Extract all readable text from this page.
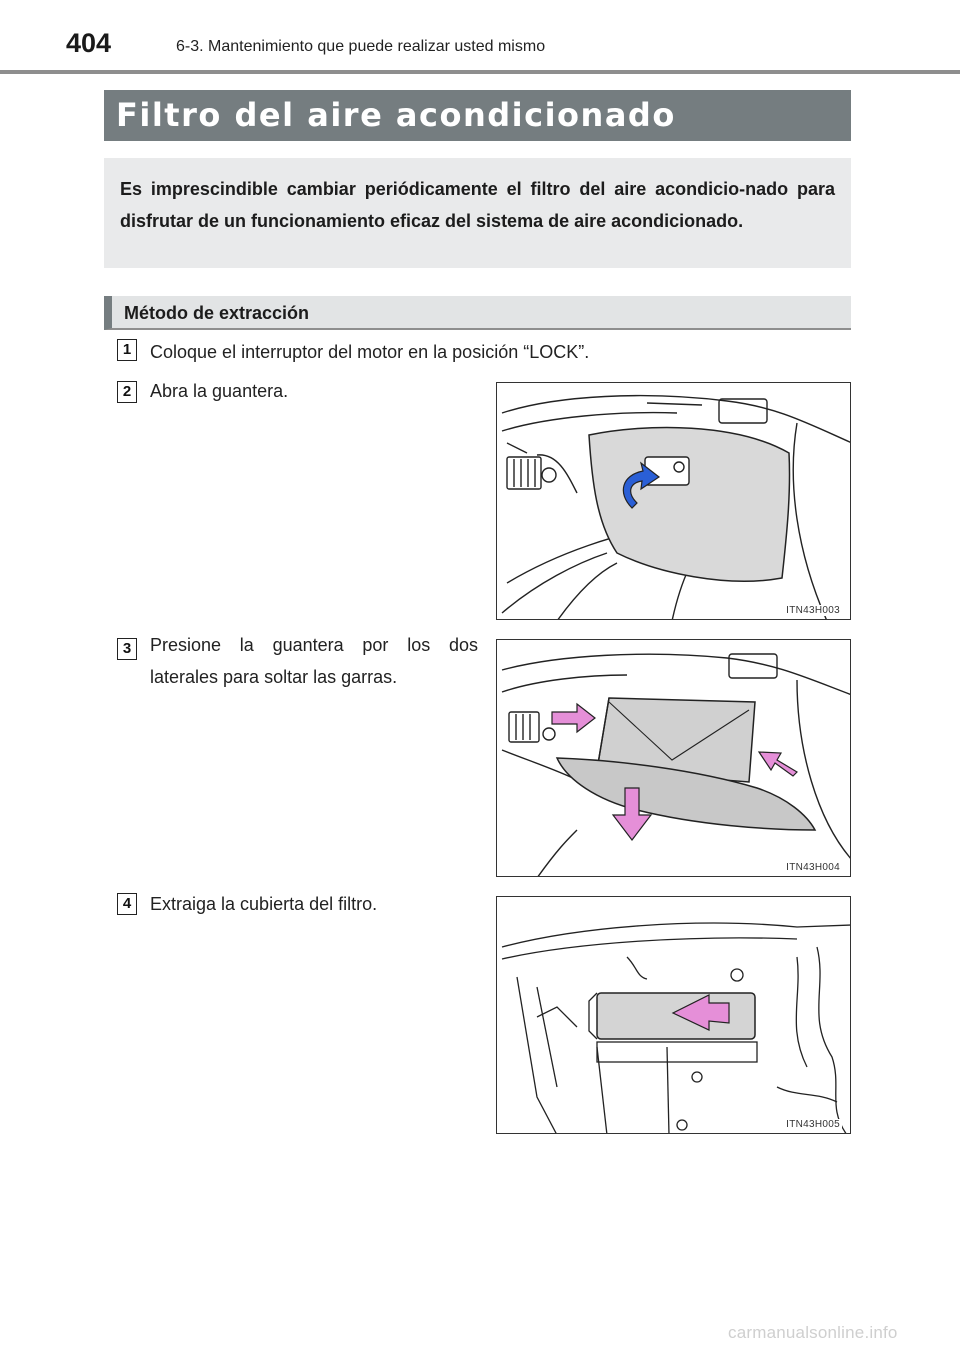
404	6-3. Mantenimiento que puede realizar usted mismo
Filtro del aire acondicionado
Es imprescindible cambiar periódicamente el filtro del aire acondicio-nado para disfrutar de un funcionamiento eficaz del sistema de aire acondicionado.
Método de extracción
1	Coloque el interruptor del motor en la posición “LOCK”.
2	Abra la guantera.
3	Presione la guantera por los dos laterales para soltar las garras.
4	Extraiga la cubierta del filtro.
ITN43H003
ITN43H004
ITN43H005
carmanualsonline.info
